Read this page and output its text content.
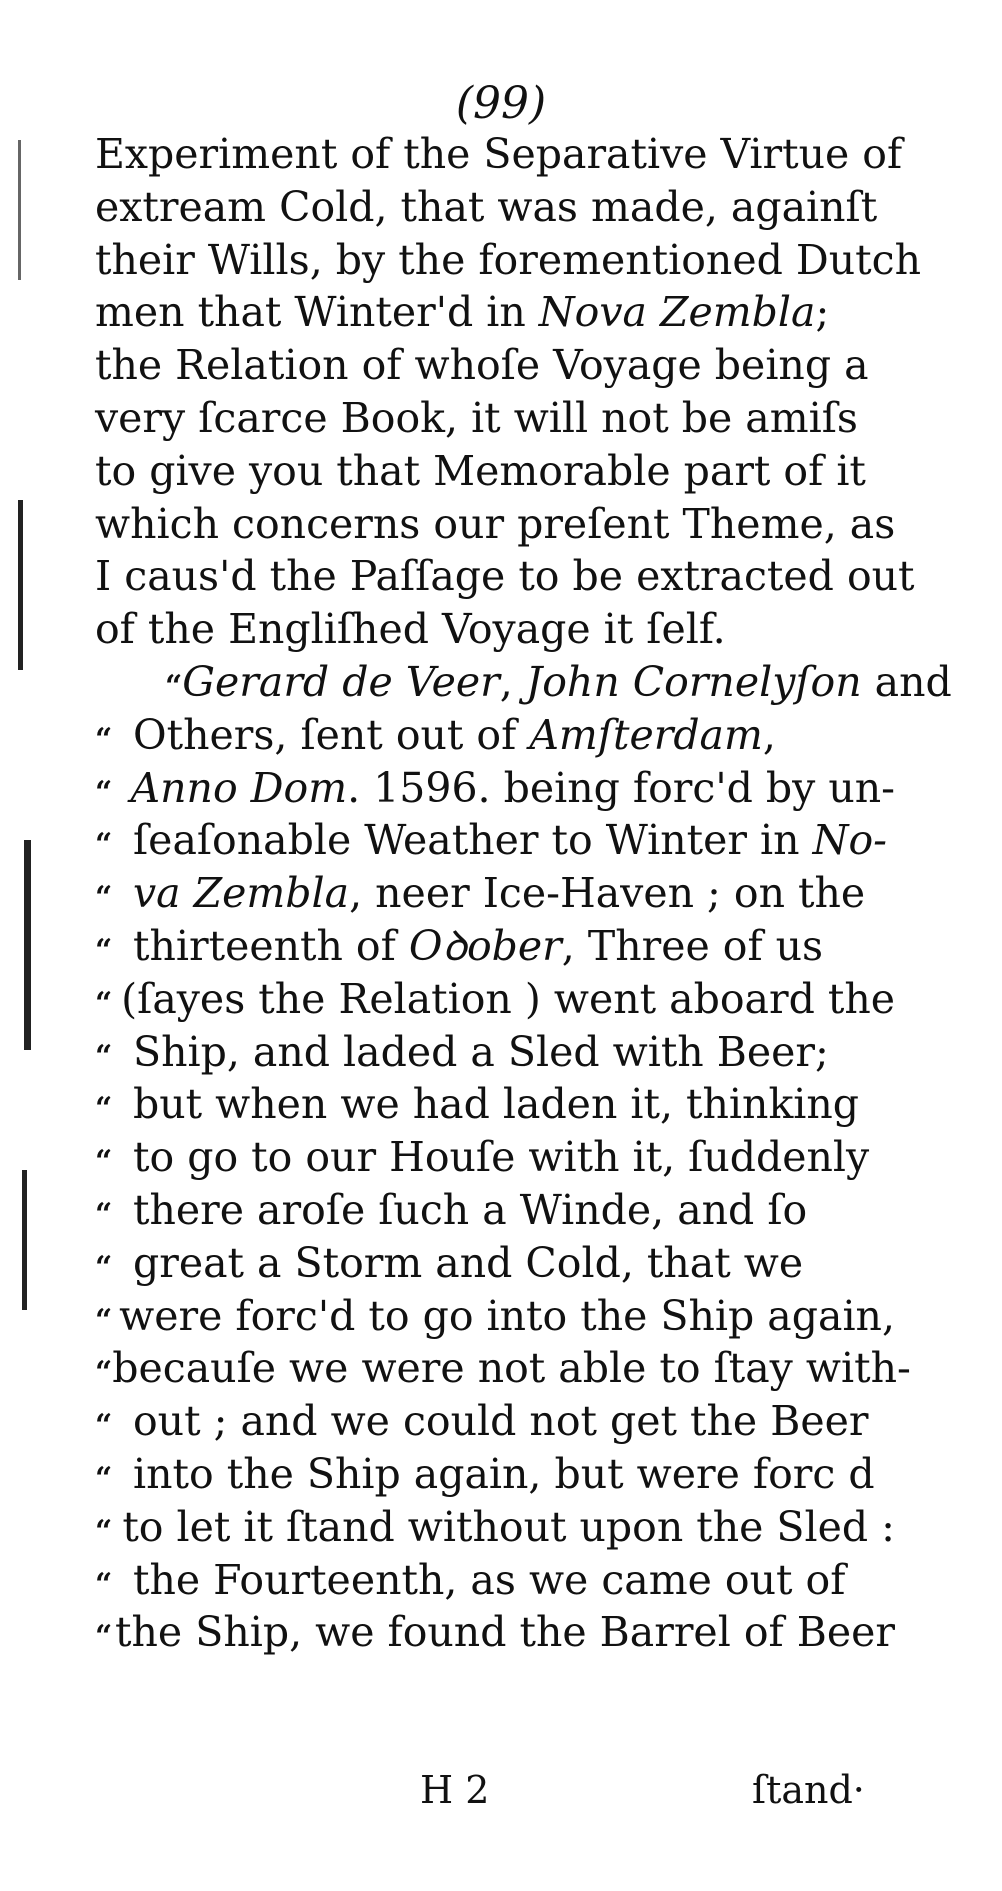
(99)
Experiment of the Separative Virtue of
extream Cold, that was made, againſt
their Wills, by the forementioned Dutch
men that Winter'd in Nova Zembla ;
the Relation of whoſe Voyage being a
very ſcarce Book, it will not be amiſs
to give you that Memorable part of it
which concerns our preſent Theme, as
I caus'd the Paſſage to be extracted out
of the Engliſhed Voyage it ſelf.
“ Gerard de Veer , John Cornelyſon and
“ Others, ſent out of Amſterdam ,
“ Anno Dom . 1596. being forc'd by un-
“ ſeaſonable Weather to Winter in No-
“ va Zembla , neer Ice-Haven ; on the
“ thirteenth of Oꝺober , Three of us
“ (ſayes the Relation ) went aboard the
“ Ship, and laded a Sled with Beer;
“ but when we had laden it, thinking
“ to go to our Houſe with it, ſuddenly
“ there aroſe ſuch a Winde, and ſo
“ great a Storm and Cold, that we
“ were forc'd to go into the Ship again,
“ becauſe we were not able to ſtay with-
“ out ; and we could not get the Beer
“ into the Ship again, but were forc d
“ to let it ſtand without upon the Sled :
“ the Fourteenth, as we came out of
“ the Ship, we found the Barrel of Beer
H 2	ſtand·
